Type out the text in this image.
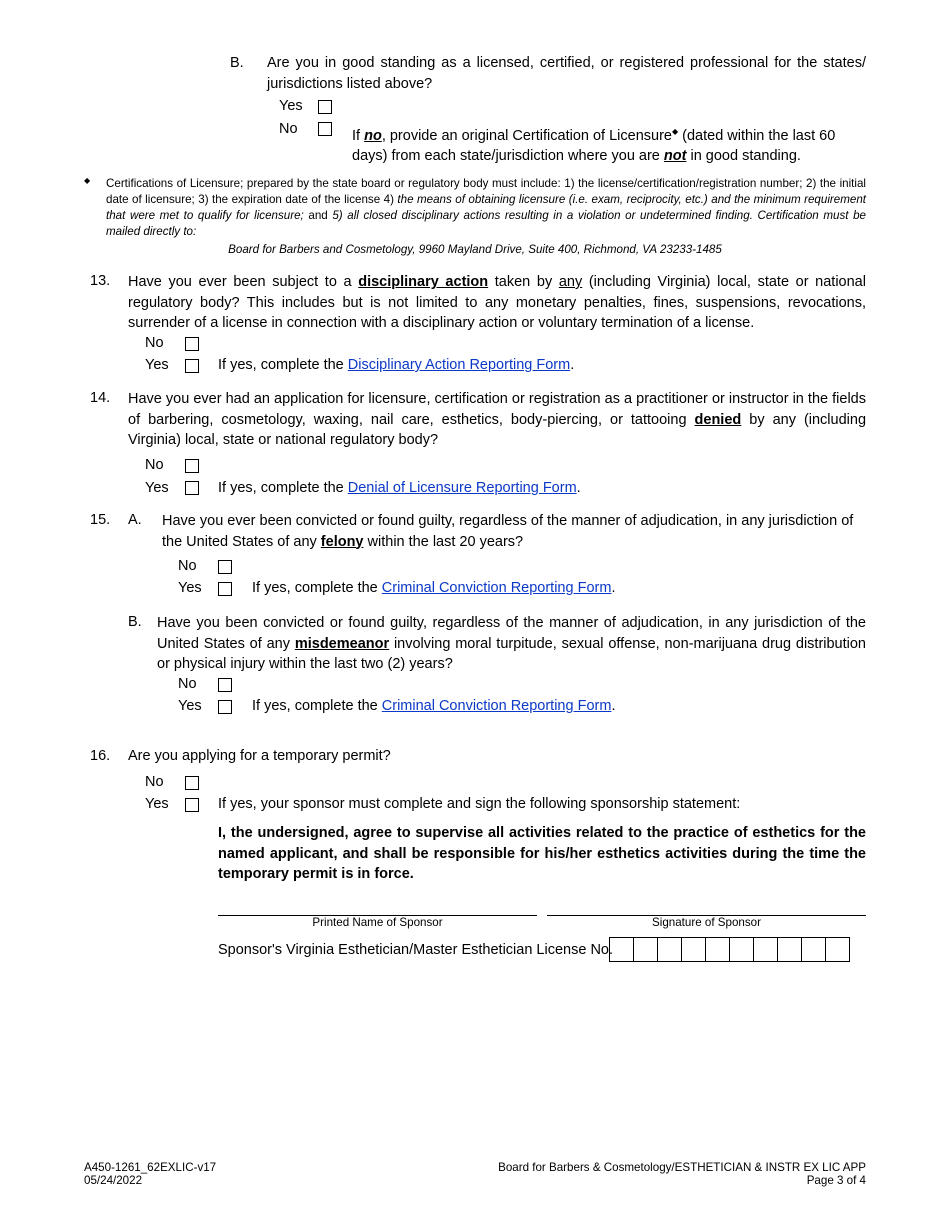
B. Are you in good standing as a licensed, certified, or registered professional for the states/ jurisdictions listed above?
Yes
No	If no, provide an original Certification of Licensure◆ (dated within the last 60 days) from each state/jurisdiction where you are not in good standing.
◆ Certifications of Licensure; prepared by the state board or regulatory body must include: 1) the license/certification/registration number; 2) the initial date of licensure; 3) the expiration date of the license 4) the means of obtaining licensure (i.e. exam, reciprocity, etc.) and the minimum requirement that were met to qualify for licensure; and 5) all closed disciplinary actions resulting in a violation or undetermined finding. Certification must be mailed directly to:
Board for Barbers and Cosmetology, 9960 Mayland Drive, Suite 400, Richmond, VA 23233-1485
13. Have you ever been subject to a disciplinary action taken by any (including Virginia) local, state or national regulatory body? This includes but is not limited to any monetary penalties, fines, suspensions, revocations, surrender of a license in connection with a disciplinary action or voluntary termination of a license.
No
Yes	If yes, complete the Disciplinary Action Reporting Form.
14. Have you ever had an application for licensure, certification or registration as a practitioner or instructor in the fields of barbering, cosmetology, waxing, nail care, esthetics, body-piercing, or tattooing denied by any (including Virginia) local, state or national regulatory body?
No
Yes	If yes, complete the Denial of Licensure Reporting Form.
15. A. Have you ever been convicted or found guilty, regardless of the manner of adjudication, in any jurisdiction of the United States of any felony within the last 20 years?
No
Yes	If yes, complete the Criminal Conviction Reporting Form.
B. Have you been convicted or found guilty, regardless of the manner of adjudication, in any jurisdiction of the United States of any misdemeanor involving moral turpitude, sexual offense, non-marijuana drug distribution or physical injury within the last two (2) years?
No
Yes	If yes, complete the Criminal Conviction Reporting Form.
16. Are you applying for a temporary permit?
No
Yes	If yes, your sponsor must complete and sign the following sponsorship statement:
I, the undersigned, agree to supervise all activities related to the practice of esthetics for the named applicant, and shall be responsible for his/her esthetics activities during the time the temporary permit is in force.
Printed Name of Sponsor	Signature of Sponsor
Sponsor's Virginia Esthetician/Master Esthetician License No.
A450-1261_62EXLIC-v17
05/24/2022
Board for Barbers & Cosmetology/ESTHETICIAN & INSTR EX LIC APP
Page 3 of 4
